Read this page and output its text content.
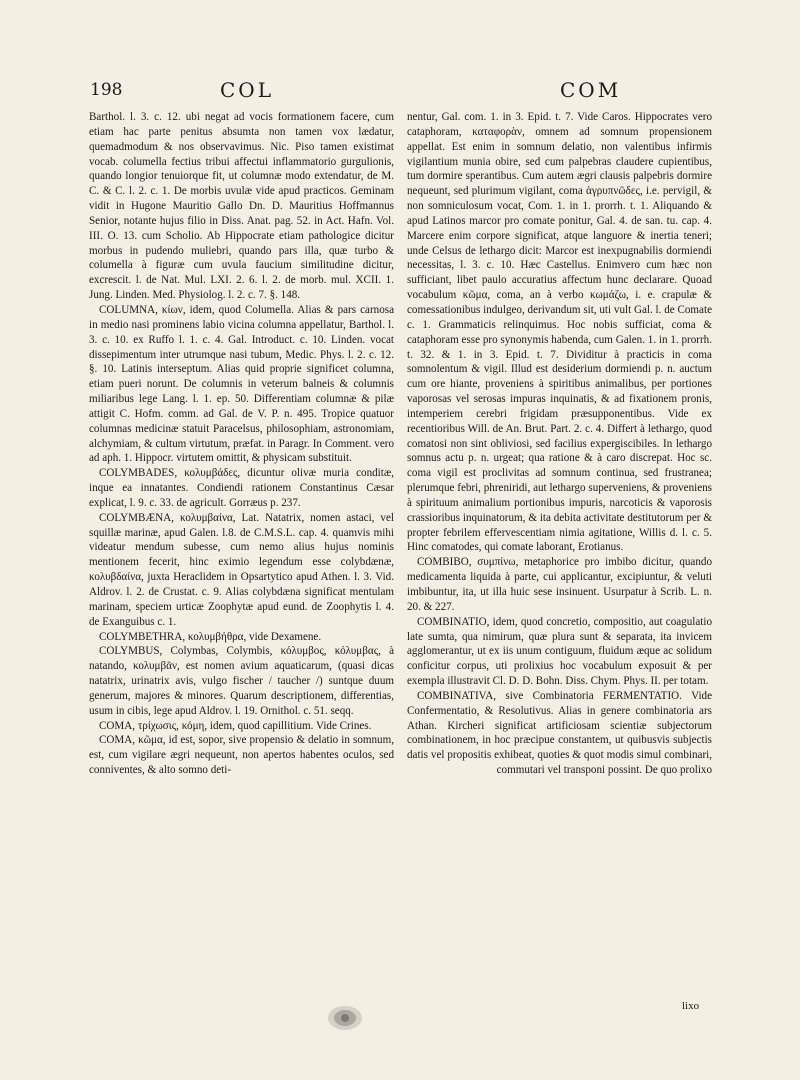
198	COL	COM

Barthol. l. 3. c. 12. ubi negat ad vocis formationem facere, cum etiam hac parte penitus absumta non tamen vox lædatur, quemadmodum & nos observavimus. Nic. Piso tamen existimat vocab. columella fectius tribui affectui inflammatorio gurgulionis, quando longior tenuiorque fit, ut columnæ modo extendatur, de M. C. & C. l. 2. c. 1. De morbis uvulæ vide apud practicos. Geminam vidit in Hugone Mauritio Gallo Dn. D. Mauritius Hoffmannus Senior, notante hujus filio in Diss. Anat. pag. 52. in Act. Hafn. Vol. III. O. 13. cum Scholio. Ab Hippocrate etiam pathologice dicitur morbus in pudendo muliebri, quando pars illa, quæ turbo & columella à figuræ cum uvula faucium similitudine dicitur, excrescit. l. de Nat. Mul. LXI. 2. 6. l. 2. de morb. mul. XCII. 1. Jung. Linden. Med. Physiolog. l. 2. c. 7. §. 148.

COLUMNA, κίων, idem, quod Columella. Alias & pars carnosa in medio nasi prominens labio vicina columna appellatur, Barthol. l. 3. c. 10. ex Ruffo l. 1. c. 4. Gal. Introduct. c. 10. Linden. vocat dissepimentum inter utrumque nasi tubum, Medic. Phys. l. 2. c. 12. §. 10. Latinis interseptum. Alias quid proprie significet columna, etiam pueri norunt. De columnis in veterum balneis & columnis miliaribus lege Lang. l. 1. ep. 50. Differentiam columnæ & pilæ attigit C. Hofm. comm. ad Gal. de V. P. n. 495. Tropice quatuor columnas medicinæ statuit Paracelsus, philosophiam, astronomiam, alchymiam, & cultum virtutum, præfat. in Paragr. In Comment. vero ad aph. 1. Hippocr. virtutem omittit, & physicam substituit.

COLYMBADES, κολυμβάδες, dicuntur olivæ muria conditæ, inque ea innatantes. Condiendi rationem Constantinus Cæsar explicat, l. 9. c. 33. de agricult. Gorræus p. 237.

COLYMBÆNA, κολυμβαίνα, Lat. Natatrix, nomen astaci, vel squillæ marinæ, apud Galen. l.8. de C.M.S.L. cap. 4. quamvis mihi videatur mendum subesse, cum nemo alius hujus nominis mentionem fecerit, hinc eximio legendum esse colybdænæ, κολυβδαίνα, juxta Heraclidem in Opsartytico apud Athen. l. 3. Vid. Aldrov. l. 2. de Crustat. c. 9. Alias colybdæna significat mentulam marinam, speciem urticæ Zoophytæ apud eund. de Zoophytis l. 4. de Exanguibus c. 1.

COLYMBETHRA, κολυμβήθρα, vide Dexamene.

COLYMBUS, Colymbas, Colymbis, κόλυμβος, κόλυμβας, à natando, κολυμβᾶν, est nomen avium aquaticarum, (quasi dicas natatrix, urinatrix avis, vulgo fischer / taucher /) suntque duum generum, majores & minores. Quarum descriptionem, differentias, usum in cibis, lege apud Aldrov. l. 19. Ornithol. c. 51. seqq.

COMA, τρίχωσις, κόμη, idem, quod capillitium. Vide Crines.

COMA, κῶμα, id est, sopor, sive propensio & delatio in somnum, est, cum vigilare ægri nequeunt, non apertos habentes oculos, sed conniventes, & alto somno deti-

nentur, Gal. com. 1. in 3. Epid. t. 7. Vide Caros. Hippocrates vero cataphoram, καταφορὰν, omnem ad somnum propensionem appellat. Est enim in somnum delatio, non valentibus infirmis vigilantium munia obire, sed cum palpebras claudere cupientibus, tum dormire sperantibus. Cum autem ægri clausis palpebris dormire nequeunt, sed plurimum vigilant, coma ἀγρυπνῶδες, i.e. pervigil, & non somniculosum vocat, Com. 1. in 1. prorrh. t. 1. Aliquando & apud Latinos marcor pro comate ponitur, Gal. 4. de san. tu. cap. 4. Marcere enim corpore significat, atque languore & inertia teneri; unde Celsus de lethargo dicit: Marcor est inexpugnabilis dormiendi necessitas, l. 3. c. 10. Hæc Castellus. Enimvero cum hæc non sufficiant, libet paulo accuratius affectum hunc declarare. Quoad vocabulum κῶμα, coma, an à verbo κωμάζω, i. e. crapulæ & comessationibus indulgeo, derivandum sit, uti vult Gal. l. de Comate c. 1. Grammaticis relinquimus. Hoc nobis sufficiat, coma & cataphoram esse pro synonymis habenda, cum Galen. 1. in 1. prorrh. t. 32. & 1. in 3. Epid. t. 7. Dividitur à practicis in coma somnolentum & vigil. Illud est desiderium dormiendi p. n. auctum cum ore hiante, proveniens à spiritibus animalibus, per portiones vaporosas vel serosas impuras inquinatis, & ad fixationem pronis, intemperiem cerebri frigidam præsupponentibus. Vide ex recentioribus Will. de An. Brut. Part. 2. c. 4. Differt à lethargo, quod comatosi non sint obliviosi, sed facilius expergiscibiles. In lethargo somnus actu p. n. urgeat; qua ratione & à caro discrepat. Hoc sc. coma vigil est proclivitas ad somnum continua, sed frustranea; plerumque febri, phreniridi, aut lethargo superveniens, & proveniens à spirituum animalium portionibus impuris, narcoticis & vaporosis crassioribus inquinatorum, & ita debita activitate destitutorum per & propter febrilem effervescentiam nimia agitatione, Willis d. l. c. 5. Hinc comatodes, qui comate laborant, Erotianus.

COMBIBO, συμπίνω, metaphorice pro imbibo dicitur, quando medicamenta liquida à parte, cui applicantur, excipiuntur, & veluti imbibuntur, ita, ut illa huic sese insinuent. Usurpatur à Scrib. L. n. 20. & 227.

COMBINATIO, idem, quod concretio, compositio, aut coagulatio late sumta, qua nimirum, quæ plura sunt & separata, ita invicem agglomerantur, ut ex iis unum contiguum, fluidum æque ac solidum conficitur corpus, uti prolixius hoc vocabulum exposuit & per exempla illustravit Cl. D. D. Bohn. Diss. Chym. Phys. II. per totam.

COMBINATIVA, sive Combinatoria FERMENTATIO. Vide Confermentatio, & Resolutivus. Alias in genere combinatoria ars Athan. Kircheri significat artificiosam scientiæ subjectorum combinationem, in hoc præcipue constantem, ut quibusvis subjectis datis vel propositis exhibeat, quoties & quot modis simul combinari, commutari vel transponi possint. De quo prolixo

lixo
